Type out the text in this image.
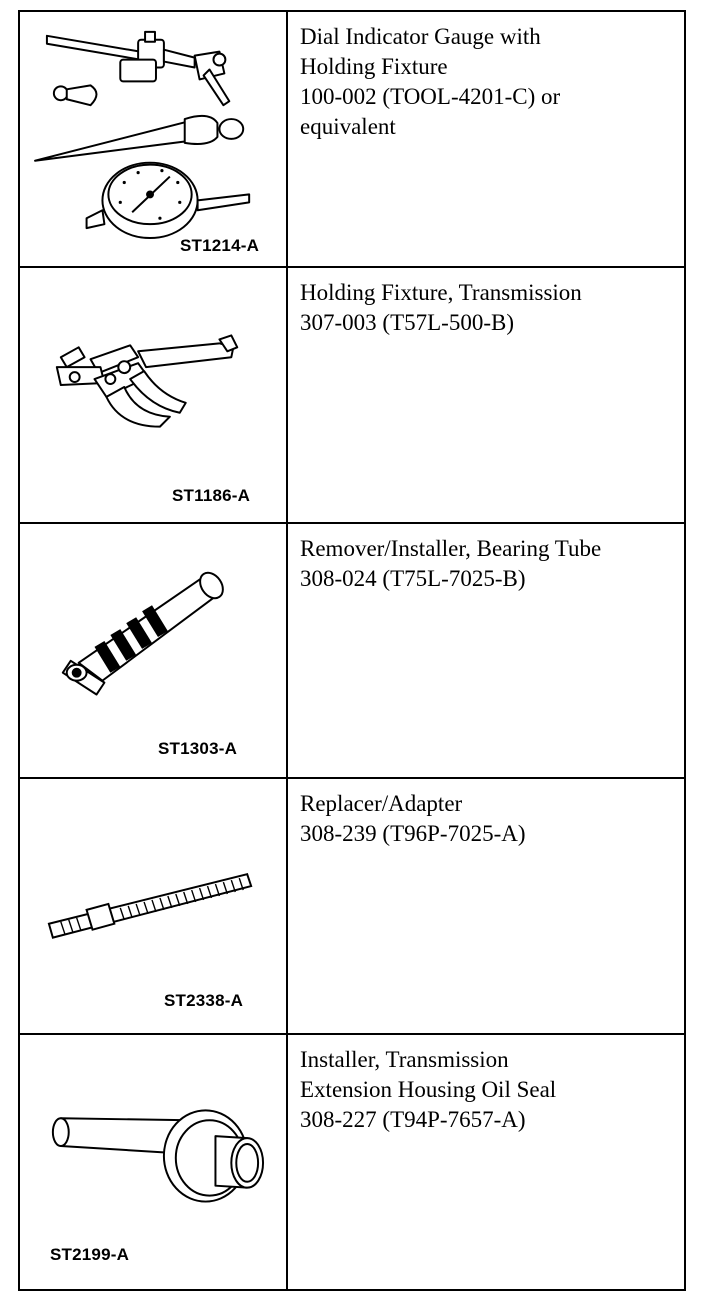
ST1214-A
Dial Indicator Gauge with
Holding Fixture
100-002 (TOOL-4201-C) or
equivalent
ST1186-A
Holding Fixture, Transmission
307-003 (T57L-500-B)
ST1303-A
Remover/Installer, Bearing Tube
308-024 (T75L-7025-B)
ST2338-A
Replacer/Adapter
308-239 (T96P-7025-A)
ST2199-A
Installer, Transmission
Extension Housing Oil Seal
308-227 (T94P-7657-A)
